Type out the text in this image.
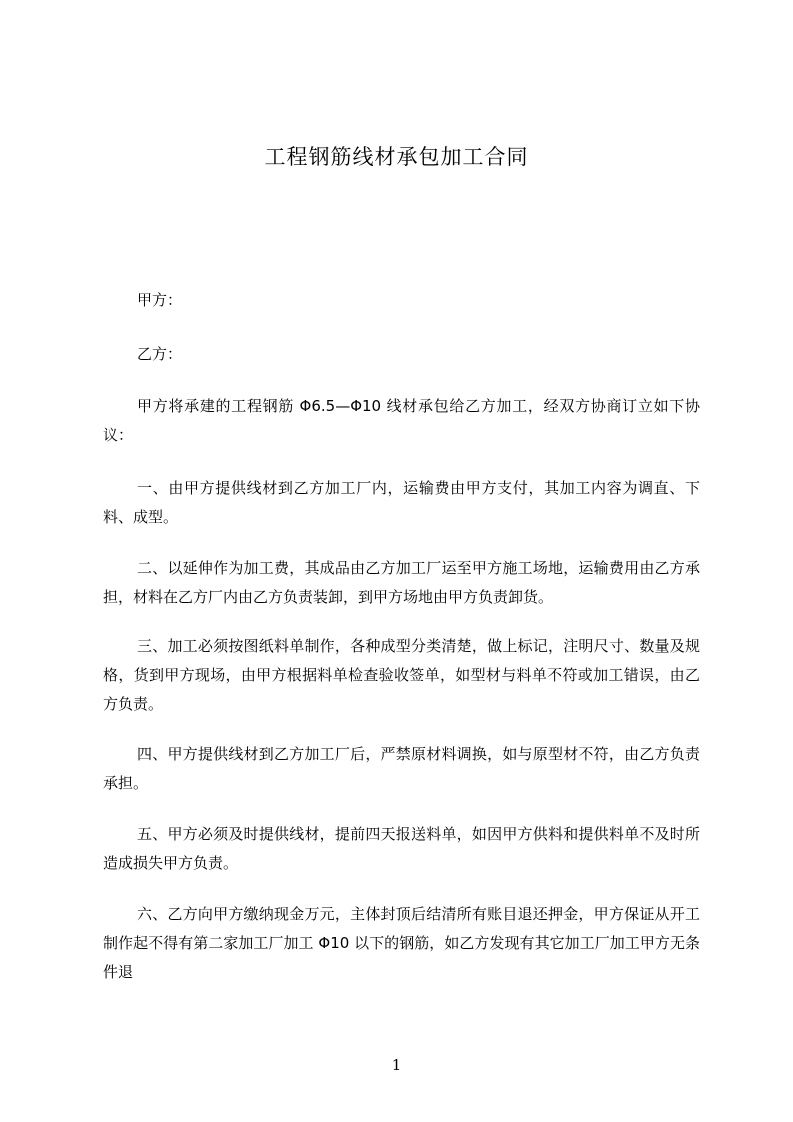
工程钢筋线材承包加工合同
甲方：
乙方：
甲方将承建的工程钢筋 Φ6.5—Φ10 线材承包给乙方加工，经双方协商订立如下协议：
一、由甲方提供线材到乙方加工厂内，运输费由甲方支付，其加工内容为调直、下料、成型。
二、以延伸作为加工费，其成品由乙方加工厂运至甲方施工场地，运输费用由乙方承担，材料在乙方厂内由乙方负责装卸，到甲方场地由甲方负责卸货。
三、加工必须按图纸料单制作，各种成型分类清楚，做上标记，注明尺寸、数量及规格，货到甲方现场，由甲方根据料单检查验收签单，如型材与料单不符或加工错误，由乙方负责。
四、甲方提供线材到乙方加工厂后，严禁原材料调换，如与原型材不符，由乙方负责承担。
五、甲方必须及时提供线材，提前四天报送料单，如因甲方供料和提供料单不及时所造成损失甲方负责。
六、乙方向甲方缴纳现金万元，主体封顶后结清所有账目退还押金，甲方保证从开工制作起不得有第二家加工厂加工 Φ10 以下的钢筋，如乙方发现有其它加工厂加工甲方无条件退
1
